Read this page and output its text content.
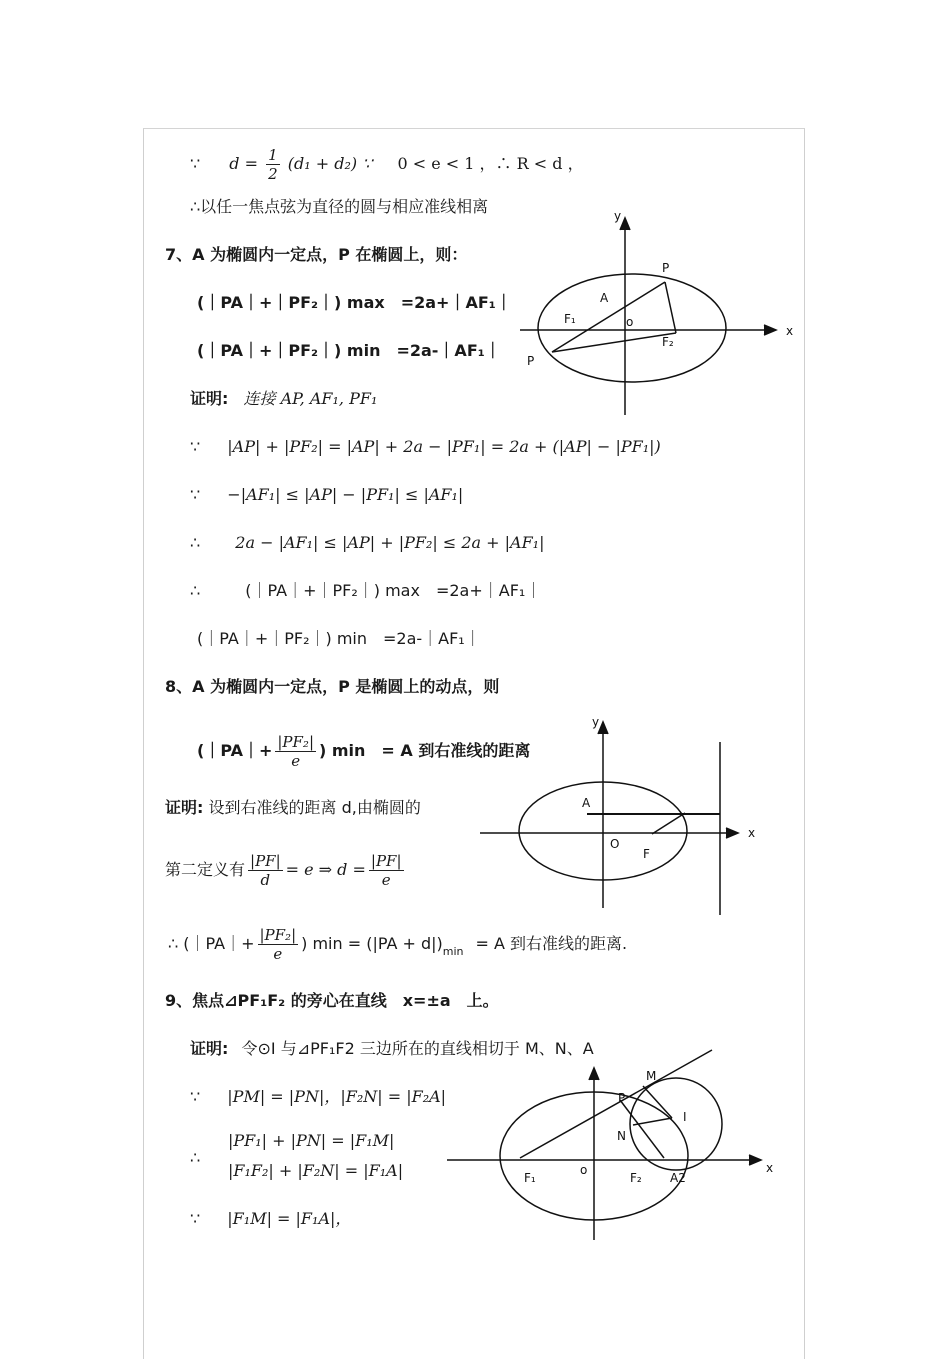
∵ $d = \frac{1}{2} (d_1 + d_2)$ ∵ 0 < e < 1 ，∴ R < d ，
∴以任一焦点弦为直径的圆与相应准线相离
7、A 为椭圆内一定点，P 在椭圆上，则：
(｜PA｜+｜PF₂｜) max　=2a+｜AF₁｜
(｜PA｜+｜PF₂｜) min　=2a-｜AF₁｜
证明: 连接 AP, AF₁, PF₁
∵ |AP| + |PF₂| = |AP| + 2a − |PF₁| = 2a + (|AP| − |PF₁|)
∵ −|AF₁| ≤ |AP| − |PF₁| ≤ |AF₁|
∴ 2a − |AF₁| ≤ |AP| + |PF₂| ≤ 2a + |AF₁|
∴	(｜PA｜+｜PF₂｜) max　=2a+｜AF₁｜
(｜PA｜+｜PF₂｜) min　=2a-｜AF₁｜
8、A 为椭圆内一定点，P 是椭圆上的动点，则
(｜PA｜+ $\frac{\text{|PF₂|}}{e}$ ) min　= A 到右准线的距离
证明: 设到右准线的距离 d,由椭圆的
第二定义有 $\frac{|PF|}{d} = e$ ⇒ $d = \frac{|PF|}{e}$
∴ (｜PA｜+ $\frac{\text{|PF₂|}}{e}$ ) min = (|PA + d|) min = A 到右准线的距离.
9、焦点⊿PF₁F₂ 的旁心在直线　x=±a　上。
证明: 令⊙I 与⊿PF₁F2 三边所在的直线相切于 M、N、A
∵ |PM| = |PN|，|F₂N| = |F₂A|
∴
|PF₁| + |PN| = |F₁M|
|F₁F₂| + |F₂N| = |F₁A|
∵ |F₁M| = |F₁A|，
y
x
P
A
F₁	o
F₂
P
y
x
A
O
F
x
P
M
I
N
F₁
o
F₂ A2
